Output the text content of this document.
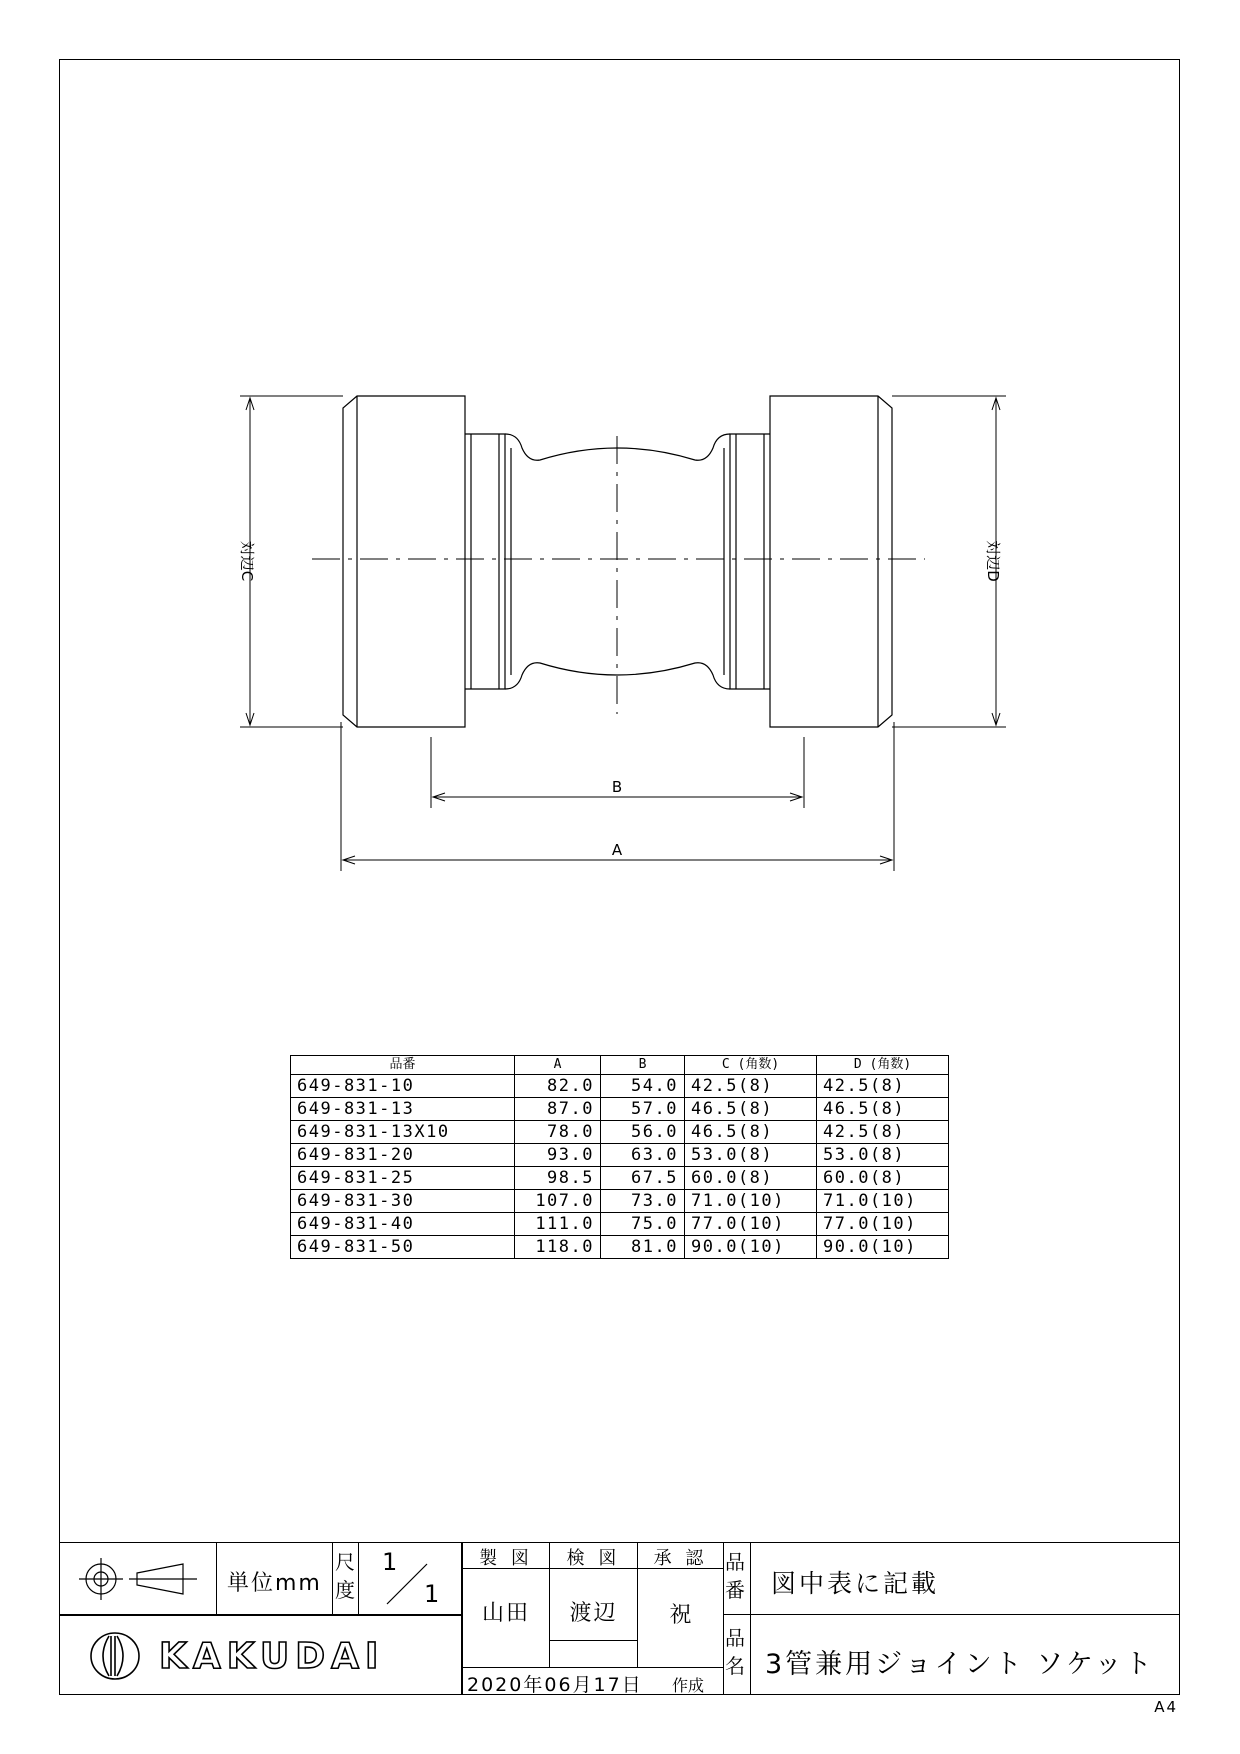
B
A
対辺C	対辺D
品番	A	B	C (角数)	D (角数)
649-831-10	82.0	54.0	42.5(8)	42.5(8)
649-831-13	87.0	57.0	46.5(8)	46.5(8)
649-831-13X10	78.0	56.0	46.5(8)	42.5(8)
649-831-20	93.0	63.0	53.0(8)	53.0(8)
649-831-25	98.5	67.5	60.0(8)	60.0(8)
649-831-30	107.0	73.0	71.0(10)	71.0(10)
649-831-40	111.0	75.0	77.0(10)	77.0(10)
649-831-50	118.0	81.0	90.0(10)	90.0(10)
単位mm
尺度
1
1
KAKUDAI
製 図	検 図	承 認
山田	渡辺	祝
2020年06月17日 作成
品番
品名
図中表に記載
3管兼用ジョイント ソケット
A4
